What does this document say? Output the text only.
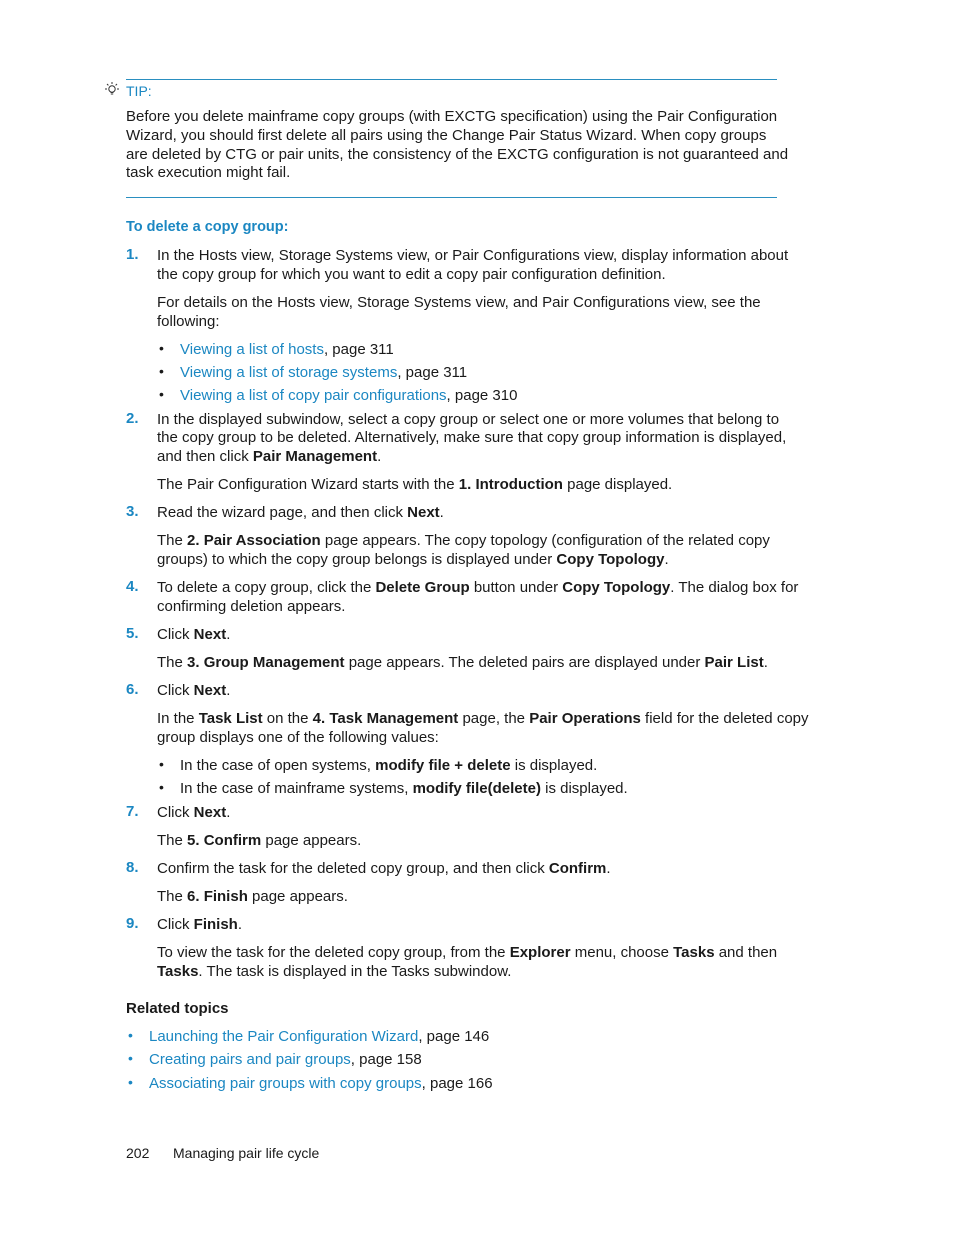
TIP:
Before you delete mainframe copy groups (with EXCTG specification) using the Pair Configuration
Wizard, you should first delete all pairs using the Change Pair Status Wizard. When copy groups
are deleted by CTG or pair units, the consistency of the EXCTG configuration is not guaranteed and
task execution might fail.
To delete a copy group:
1. In the Hosts view, Storage Systems view, or Pair Configurations view, display information about
the copy group for which you want to edit a copy pair configuration definition.
For details on the Hosts view, Storage Systems view, and Pair Configurations view, see the
following:
• Viewing a list of hosts, page 311
• Viewing a list of storage systems, page 311
• Viewing a list of copy pair configurations, page 310
2. In the displayed subwindow, select a copy group or select one or more volumes that belong to
the copy group to be deleted. Alternatively, make sure that copy group information is displayed,
and then click Pair Management.
The Pair Configuration Wizard starts with the 1. Introduction page displayed.
3. Read the wizard page, and then click Next.
The 2. Pair Association page appears. The copy topology (configuration of the related copy
groups) to which the copy group belongs is displayed under Copy Topology.
4. To delete a copy group, click the Delete Group button under Copy Topology. The dialog box for
confirming deletion appears.
5. Click Next.
The 3. Group Management page appears. The deleted pairs are displayed under Pair List.
6. Click Next.
In the Task List on the 4. Task Management page, the Pair Operations field for the deleted copy
group displays one of the following values:
• In the case of open systems, modify file + delete is displayed.
• In the case of mainframe systems, modify file(delete) is displayed.
7. Click Next.
The 5. Confirm page appears.
8. Confirm the task for the deleted copy group, and then click Confirm.
The 6. Finish page appears.
9. Click Finish.
To view the task for the deleted copy group, from the Explorer menu, choose Tasks and then
Tasks. The task is displayed in the Tasks subwindow.
Related topics
• Launching the Pair Configuration Wizard, page 146
• Creating pairs and pair groups, page 158
• Associating pair groups with copy groups, page 166
202 Managing pair life cycle
